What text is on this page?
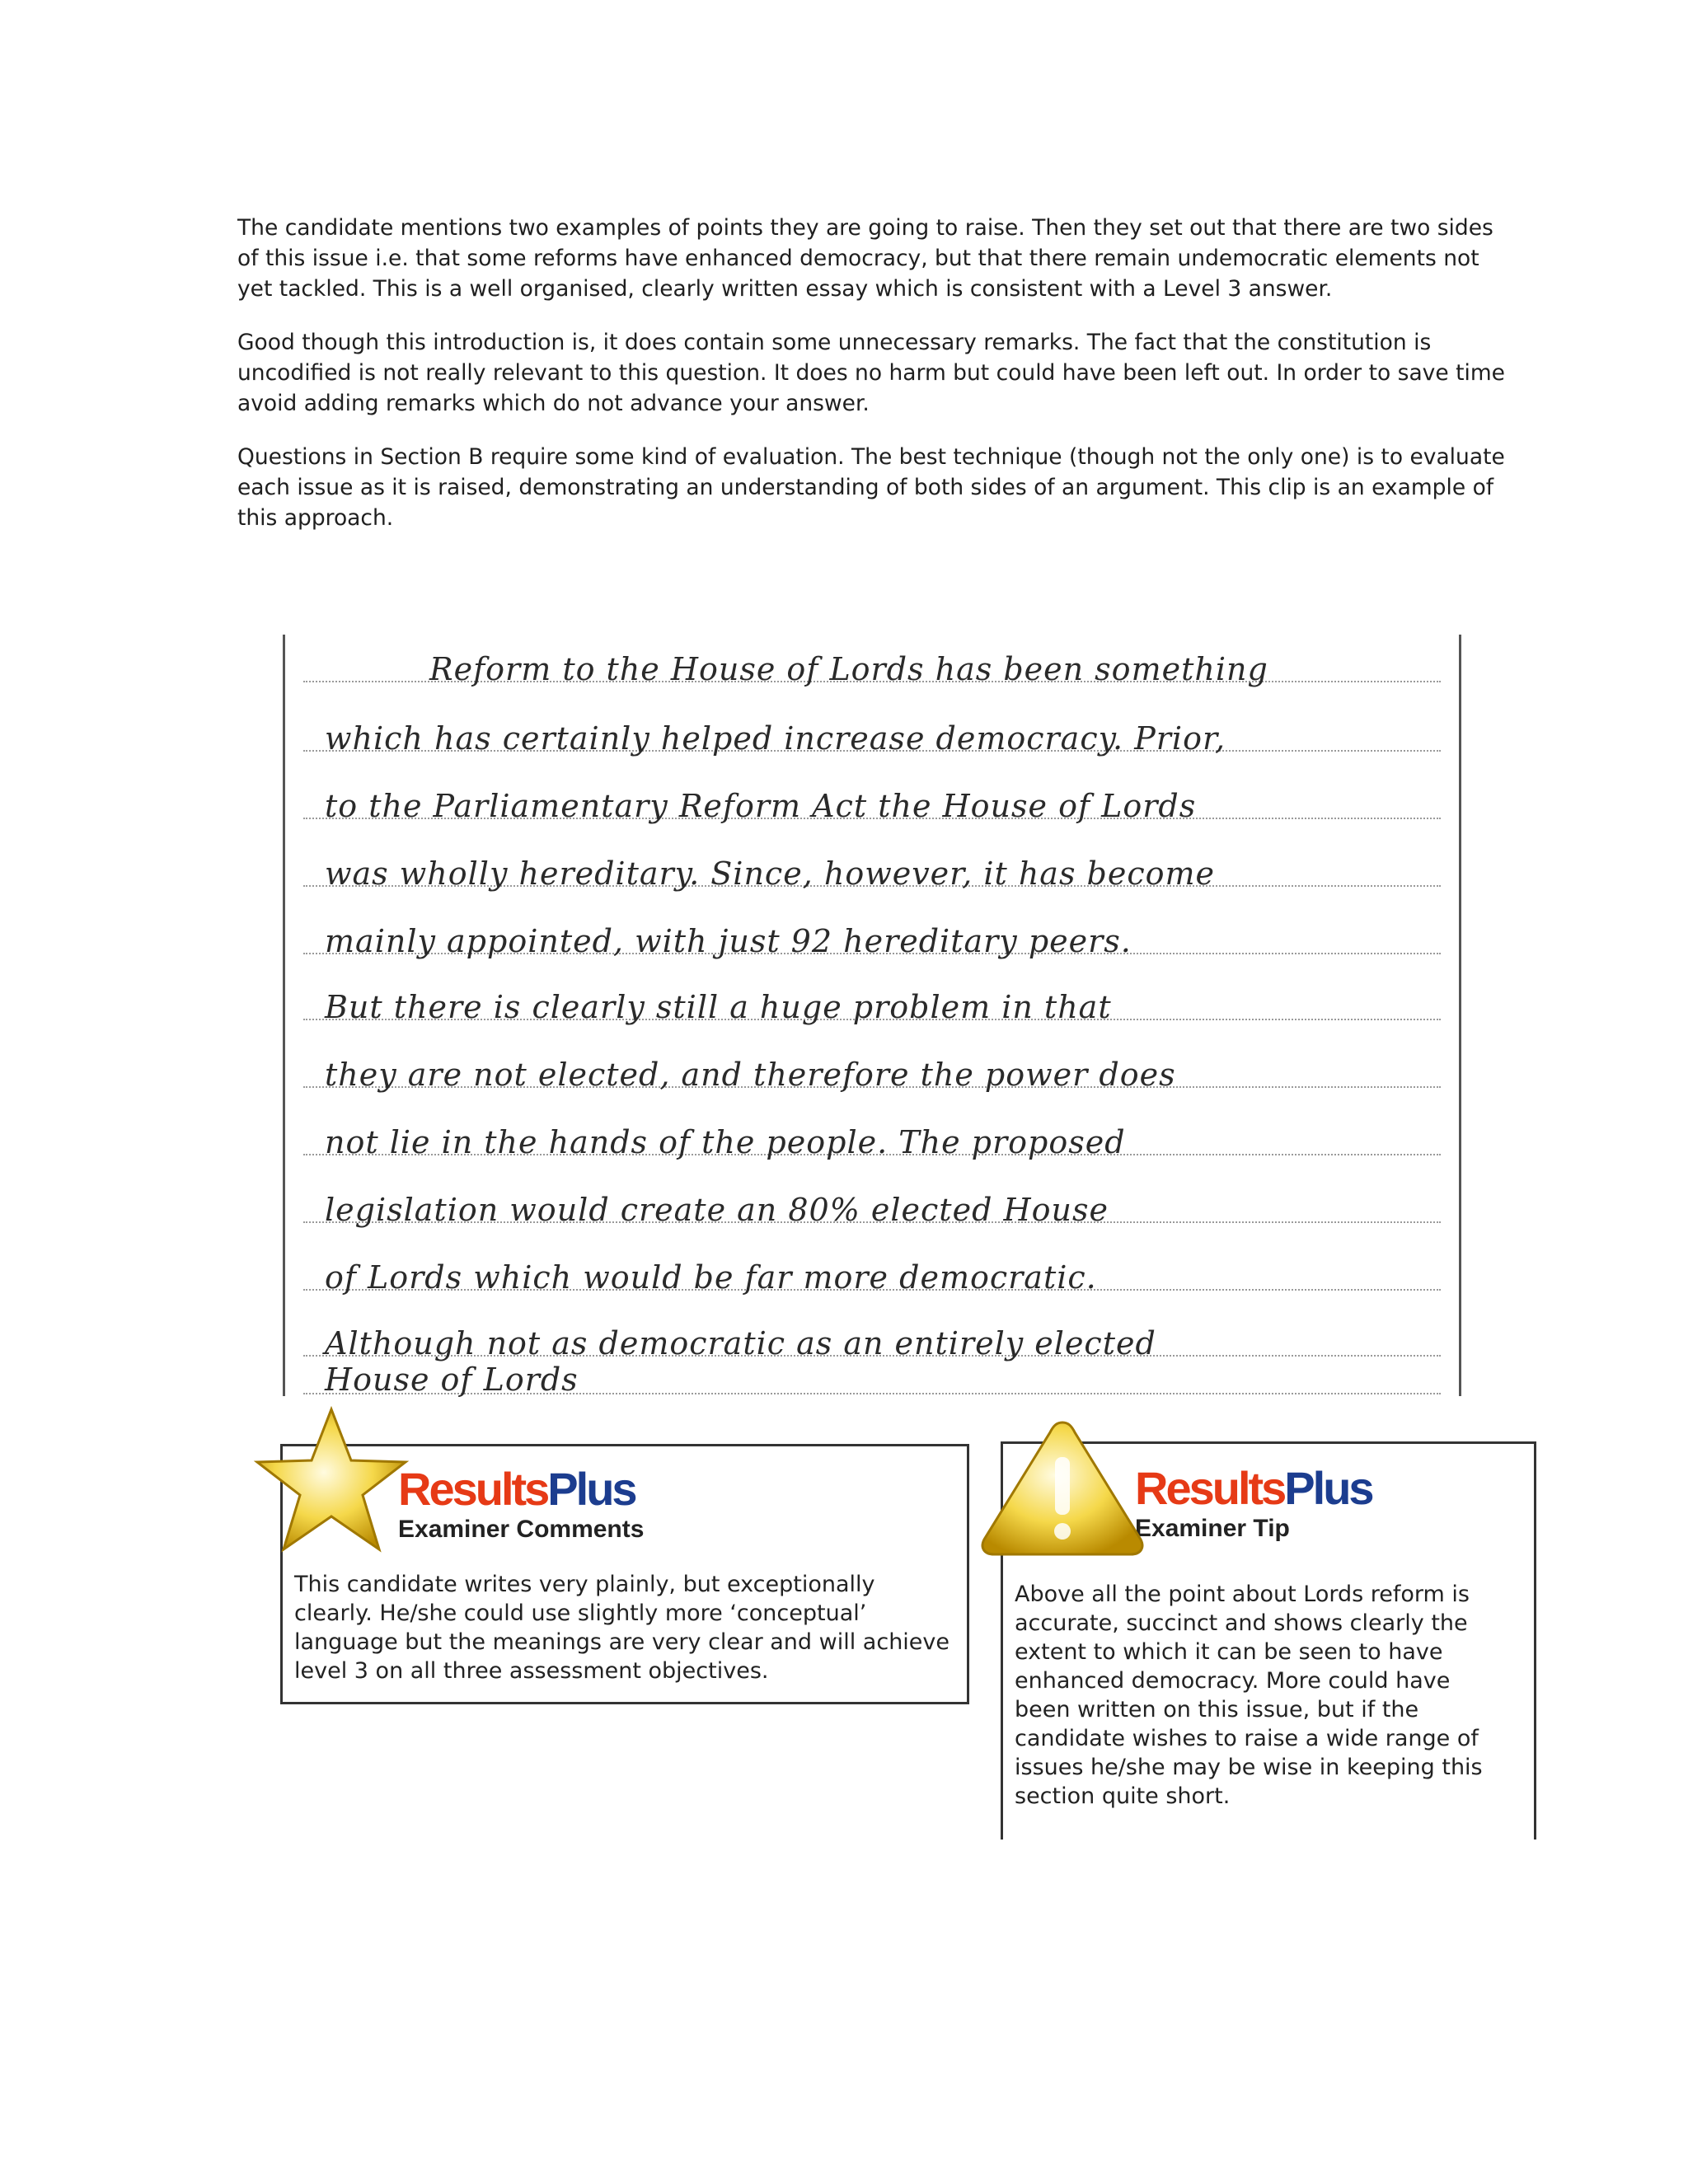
The candidate mentions two examples of points they are going to raise. Then they set out that there are two sides of this issue i.e. that some reforms have enhanced democracy, but that there remain undemocratic elements not yet tackled. This is a well organised, clearly written essay which is consistent with a Level 3 answer.

Good though this introduction is, it does contain some unnecessary remarks. The fact that the constitution is uncodified is not really relevant to this question. It does no harm but could have been left out. In order to save time avoid adding remarks which do not advance your answer.

Questions in Section B require some kind of evaluation. The best technique (though not the only one) is to evaluate each issue as it is raised, demonstrating an understanding of both sides of an argument. This clip is an example of this approach.

Reform to the House of Lords has been something
which has certainly helped increase democracy. Prior,
to the Parliamentary Reform Act the House of Lords
was wholly hereditary. Since, however, it has become
mainly appointed, with just 92 hereditary peers.
But there is clearly still a huge problem in that
they are not elected, and therefore the power does
not lie in the hands of the people. The proposed
legislation would create an 80% elected House
of Lords which would be far more democratic.
Although not as democratic as an entirely elected
House of Lords
ResultsPlus
Examiner Comments
This candidate writes very plainly, but exceptionally clearly. He/she could use slightly more ‘conceptual’ language but the meanings are very clear and will achieve level 3 on all three assessment objectives.
ResultsPlus
Examiner Tip
Above all the point about Lords reform is accurate, succinct and shows clearly the extent to which it can be seen to have enhanced democracy. More could have been written on this issue, but if the candidate wishes to raise a wide range of issues he/she may be wise in keeping this section quite short.
